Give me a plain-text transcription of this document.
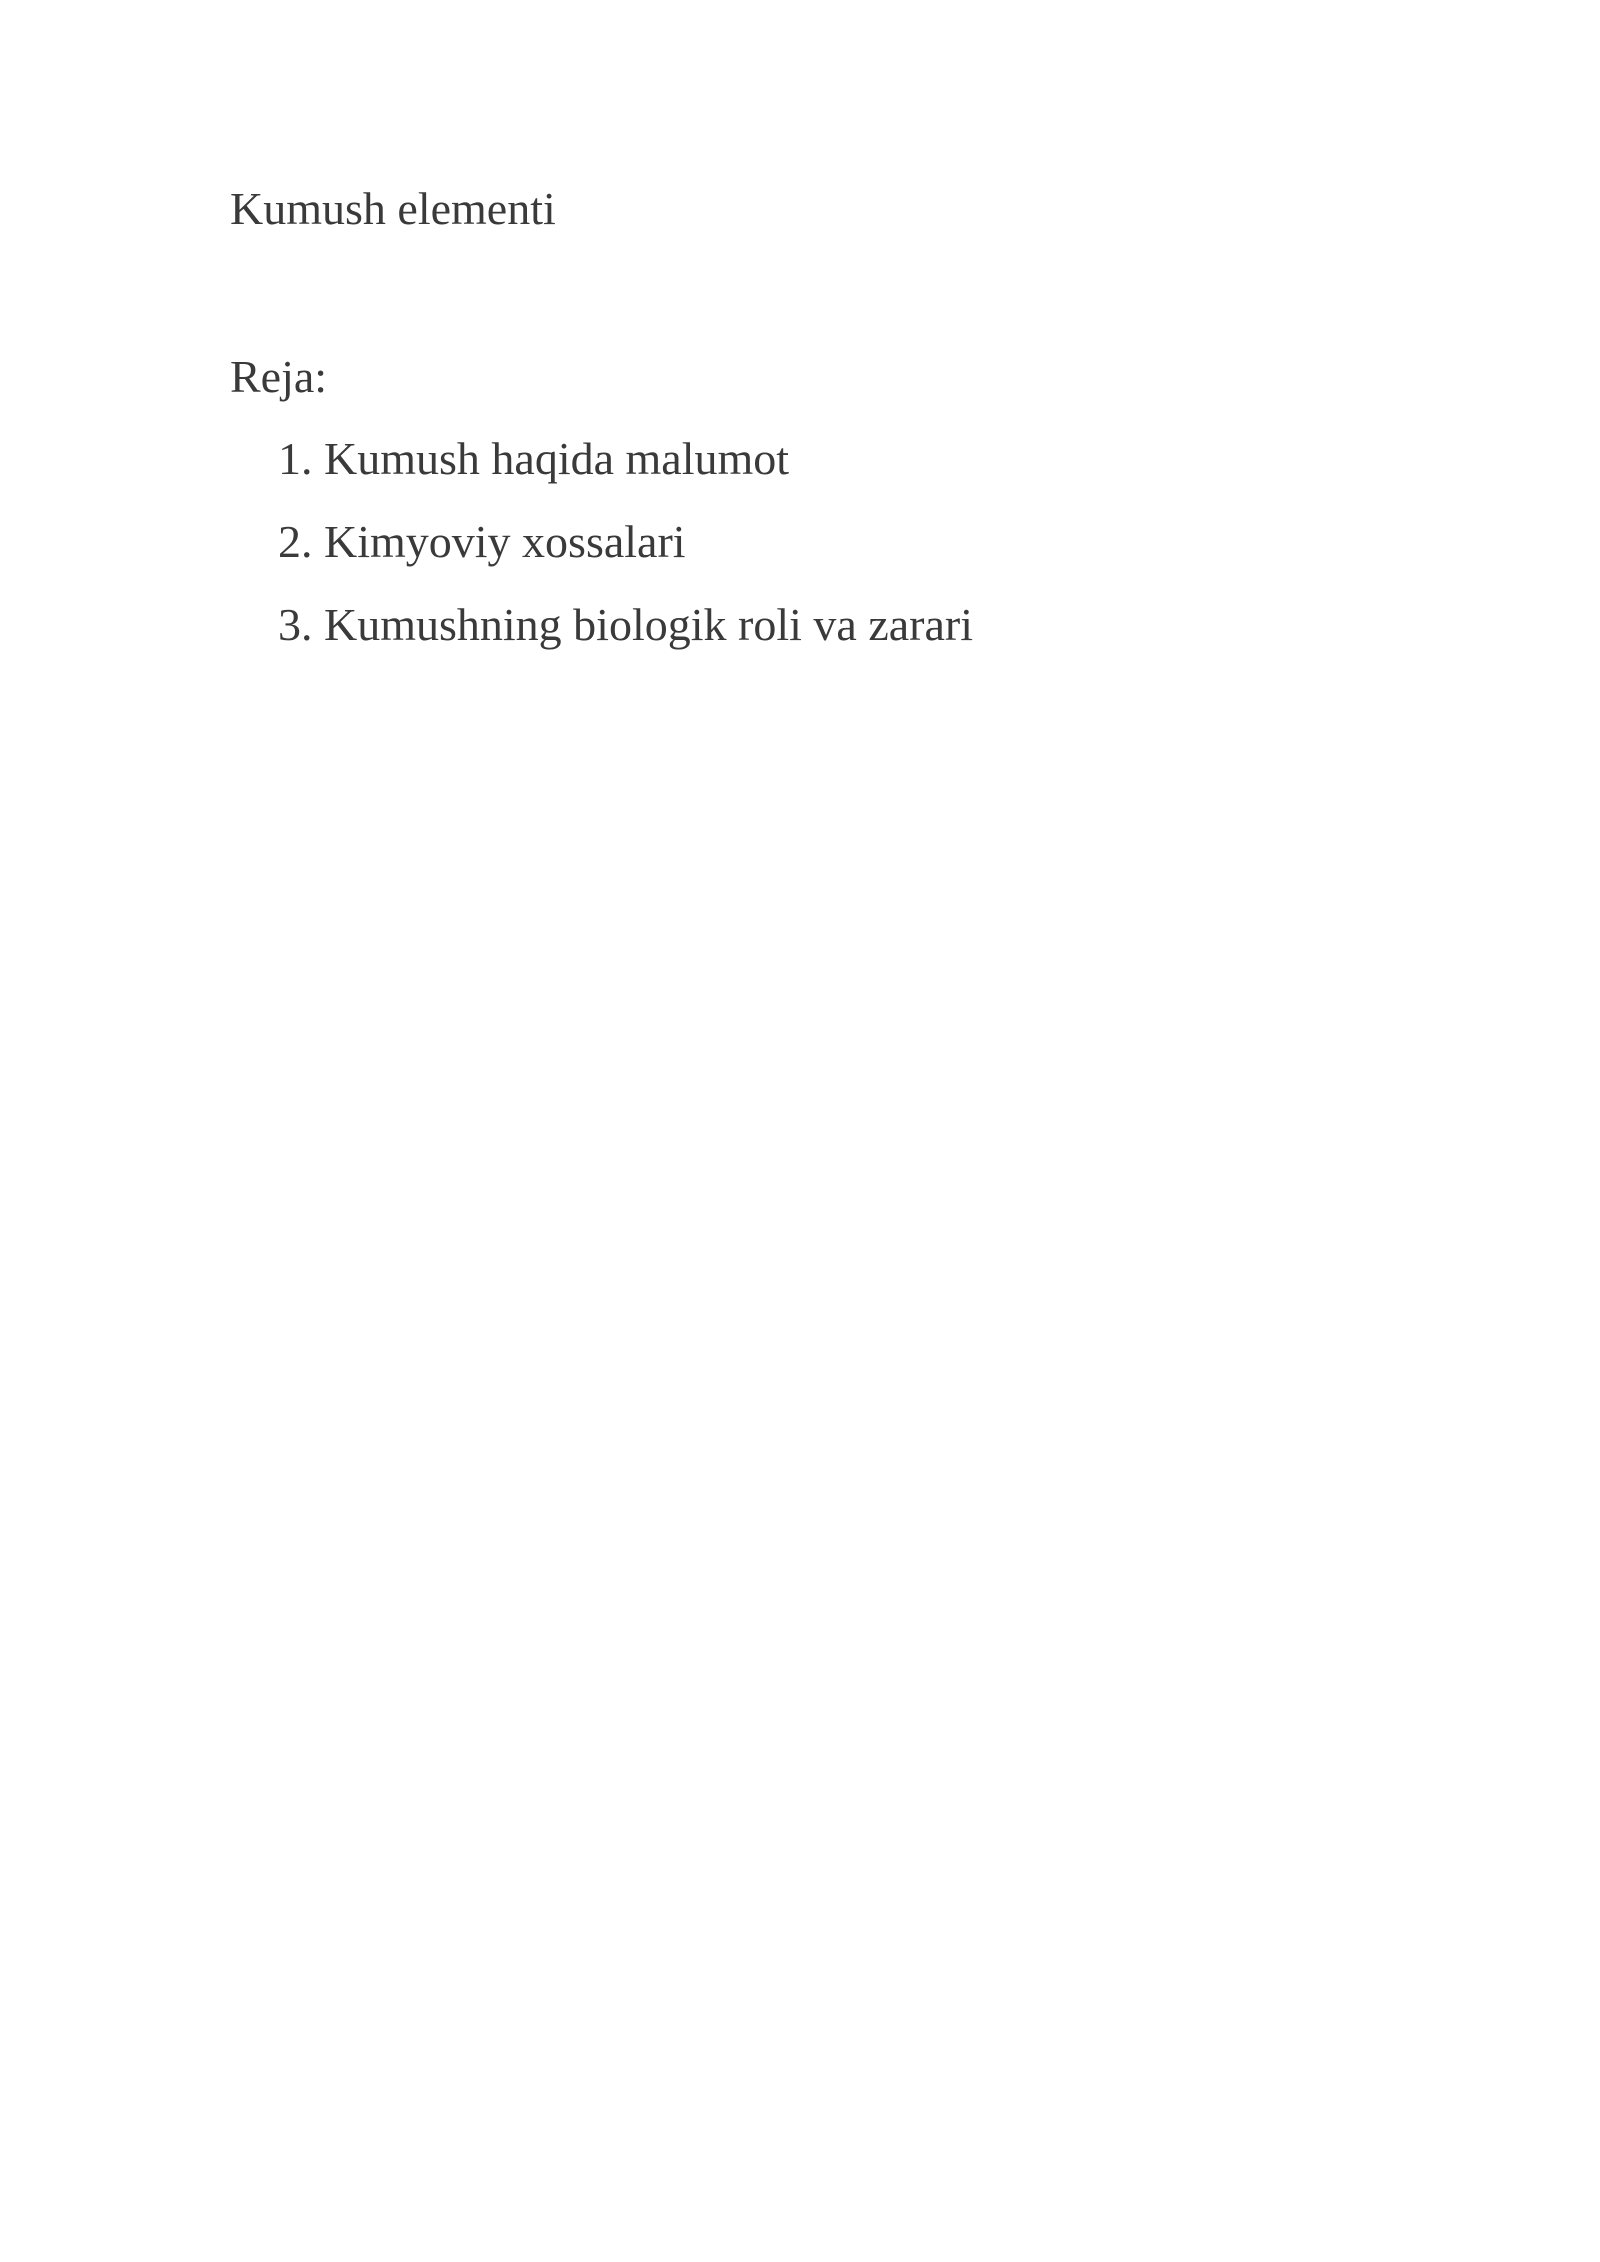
Kumush elementi
Reja:
1. Kumush haqida malumot
2. Kimyoviy xossalari
3. Kumushning biologik roli va zarari
